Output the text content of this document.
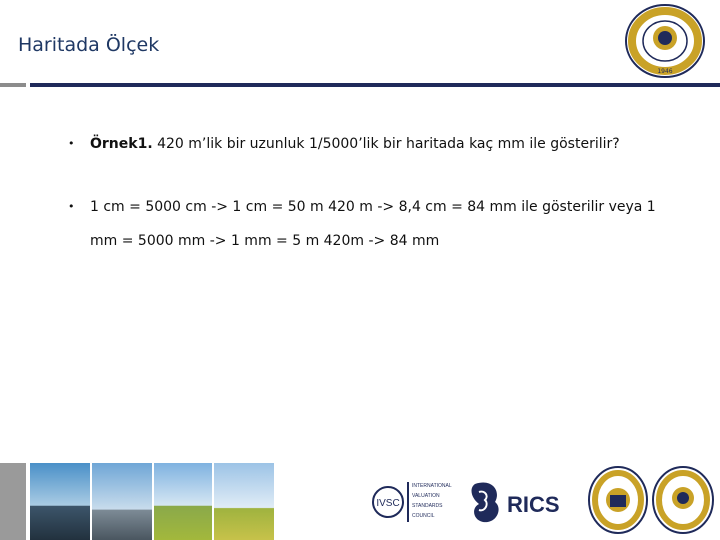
Haritada Ölçek
1946
• Örnek1. 420 m’lik bir uzunluk 1/5000’lik bir haritada kaç mm ile gösterilir?
• 1 cm = 5000 cm -> 1 cm = 50 m 420 m -> 8,4 cm = 84 mm ile gösterilir veya 1
mm = 5000 mm -> 1 mm = 5 m 420m -> 84 mm
IVSC
INTERNATIONAL
VALUATION
STANDARDS
COUNCIL	RICS
